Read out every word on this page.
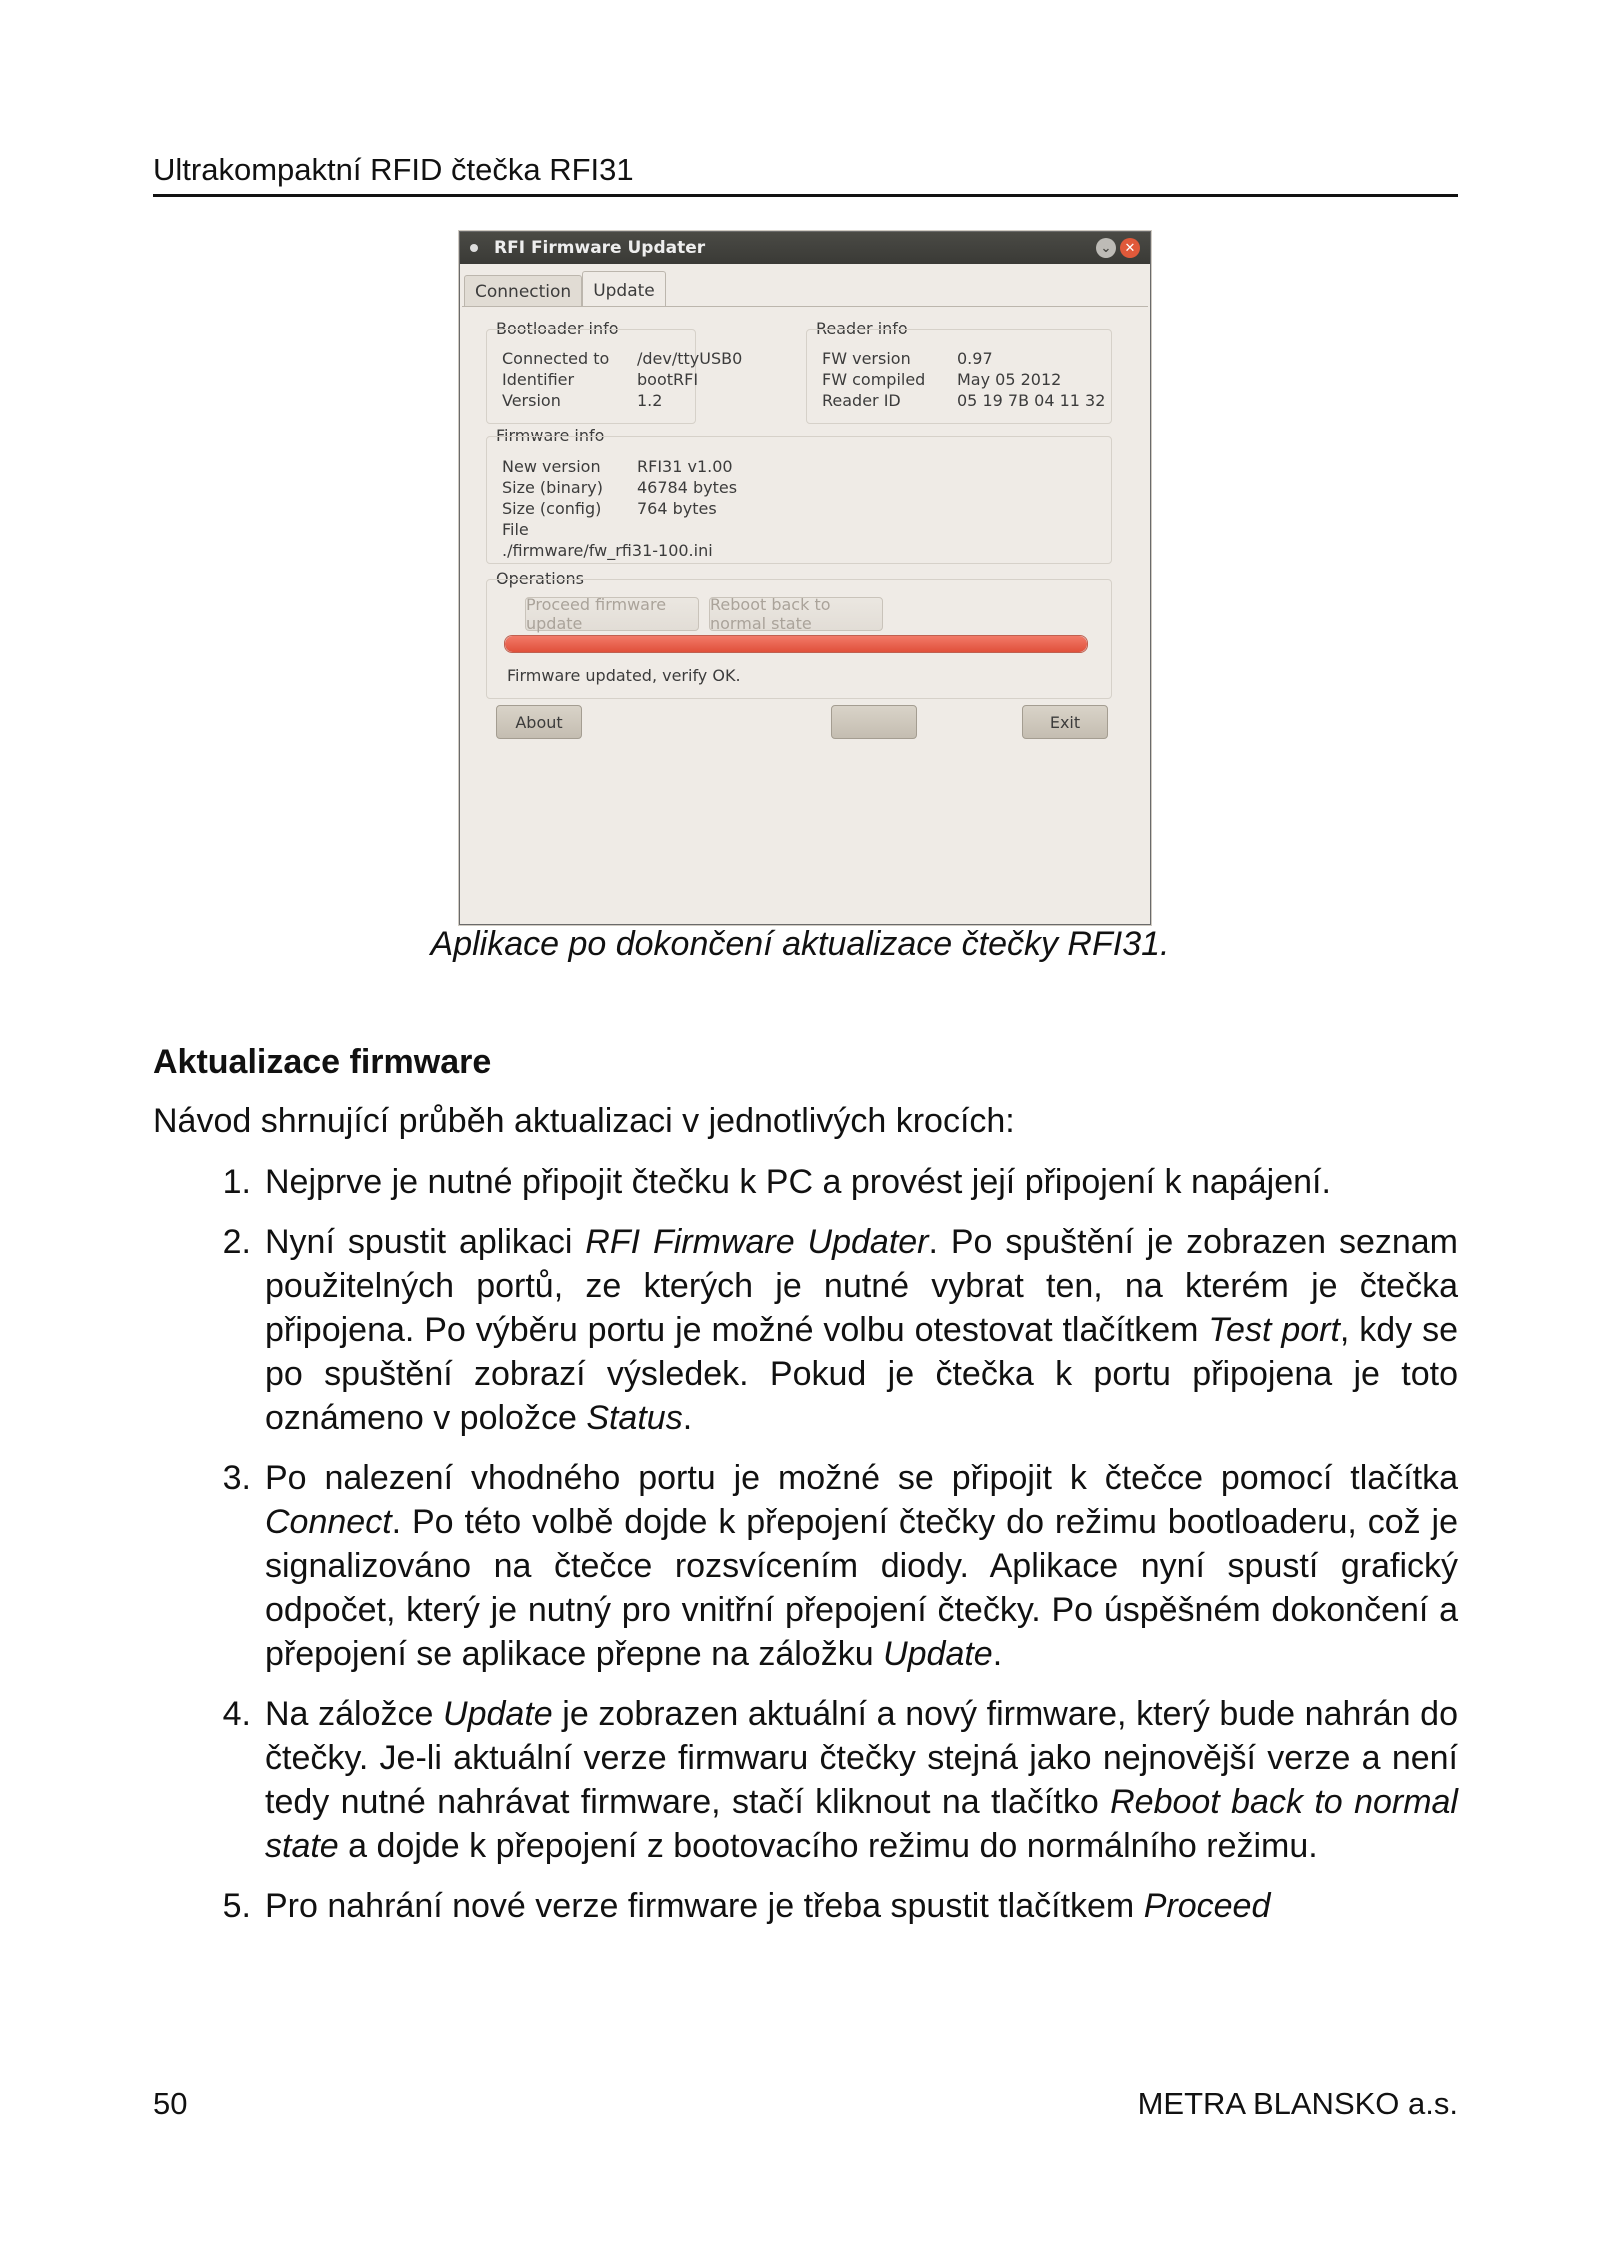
Ultrakompaktní RFID čtečka RFI31
RFI Firmware Updater	⌄	✕
Connection	Update
Bootloader info
Connected to /dev/ttyUSB0
Identifier	bootRFI
Version	1.2
Reader info
FW version	0.97
FW compiled May 05 2012
Reader ID	05 19 7B 04 11 32
Firmware info
New version RFI31 v1.00
Size (binary) 46784 bytes
Size (config) 764 bytes
File
./firmware/fw_rfi31-100.ini
Operations
Proceed firmware update
Reboot back to normal state
Firmware updated, verify OK.
About	Exit
Aplikace po dokončení aktualizace čtečky RFI31.
Aktualizace firmware
Návod shrnující průběh aktualizaci v jednotlivých krocích:
1. Nejprve je nutné připojit čtečku k PC a provést její připojení k napájení.
2. Nyní spustit aplikaci RFI Firmware Updater. Po spuštění je zobrazen seznam použitelných portů, ze kterých je nutné vybrat ten, na kterém je čtečka připojena. Po výběru portu je možné volbu otestovat tlačítkem Test port, kdy se po spuštění zobrazí výsledek. Pokud je čtečka k portu připojena je toto oznámeno v položce Status.
3. Po nalezení vhodného portu je možné se připojit k čtečce pomocí tlačítka Connect. Po této volbě dojde k přepojení čtečky do režimu bootloaderu, což je signalizováno na čtečce rozsvícením diody. Aplikace nyní spustí grafický odpočet, který je nutný pro vnitřní přepojení čtečky. Po úspěšném dokončení a přepojení se aplikace přepne na záložku Update.
4. Na záložce Update je zobrazen aktuální a nový firmware, který bude nahrán do čtečky. Je-li aktuální verze firmwaru čtečky stejná jako nejnovější verze a není tedy nutné nahrávat firmware, stačí kliknout na tlačítko Reboot back to normal state a dojde k přepojení z bootovacího režimu do normálního režimu.
5. Pro nahrání nové verze firmware je třeba spustit tlačítkem Proceed
50	METRA BLANSKO a.s.
